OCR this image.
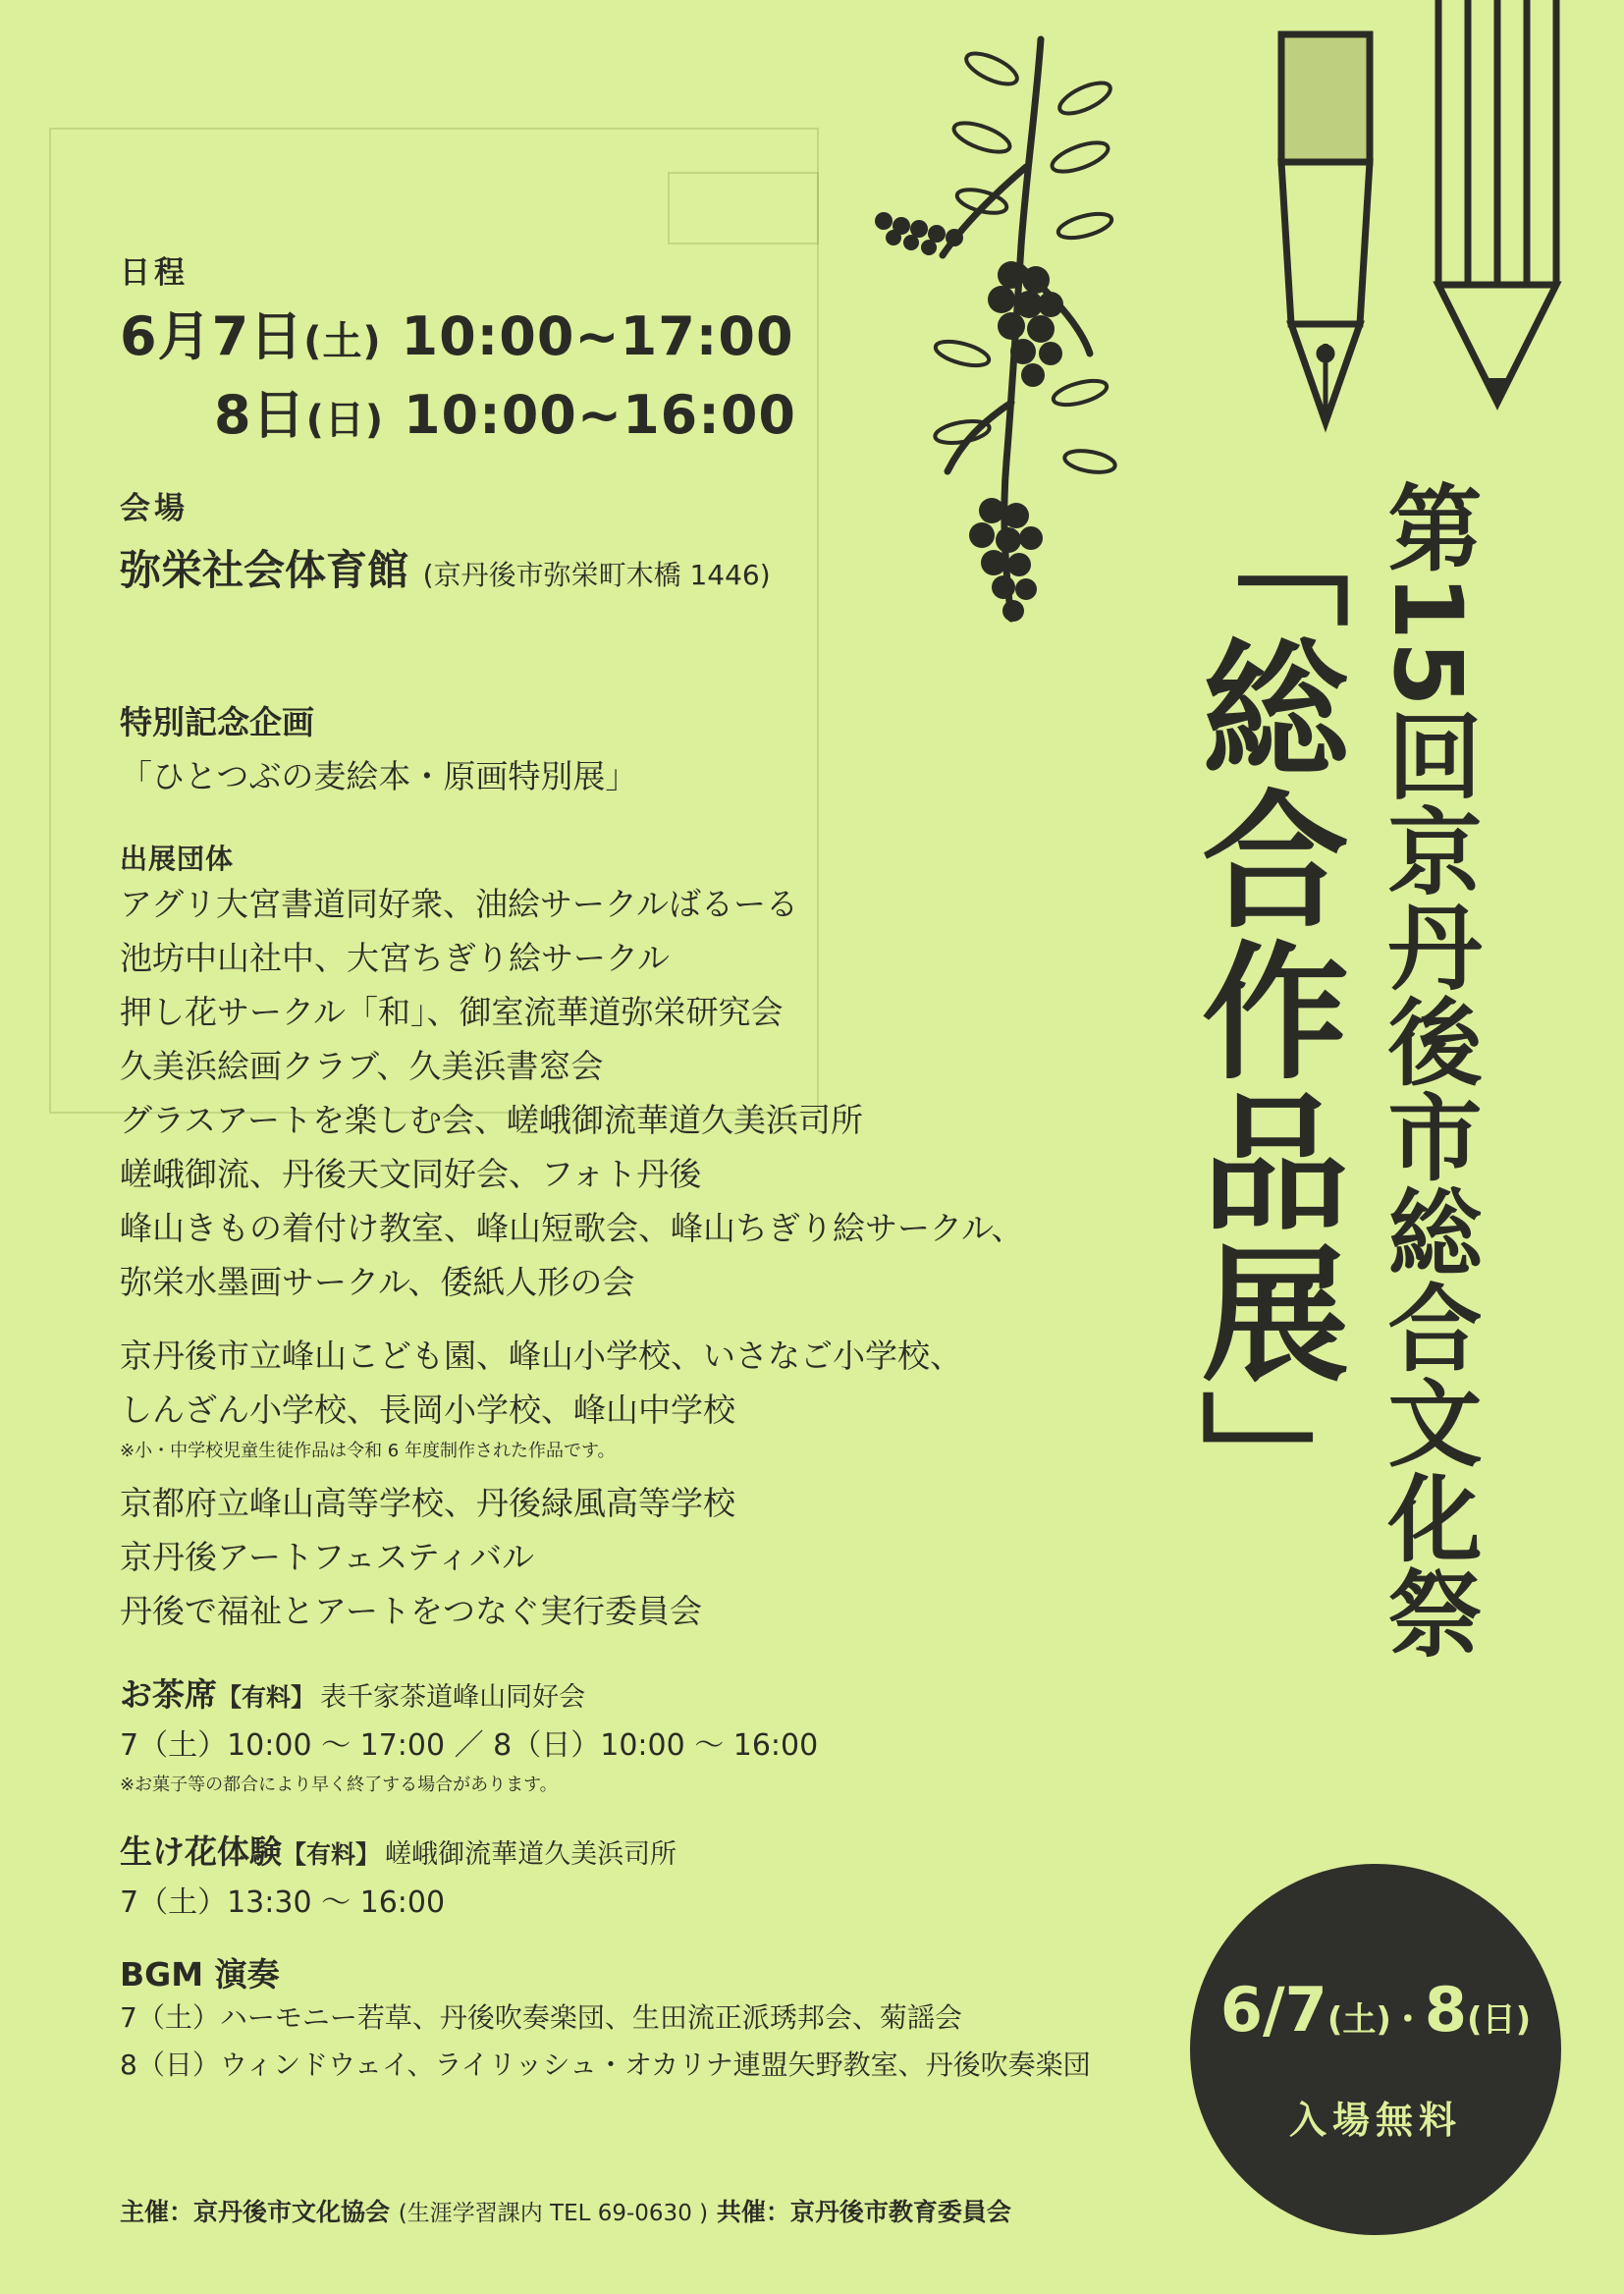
日程
6月7日(土) 10:00~17:00
8日(日) 10:00~16:00
会場
弥栄社会体育館 (京丹後市弥栄町木橋 1446)
特別記念企画
「ひとつぶの麦絵本・原画特別展」
出展団体
アグリ大宮書道同好衆、油絵サークルばるーる
池坊中山社中、大宮ちぎり絵サークル
押し花サークル「和」、御室流華道弥栄研究会
久美浜絵画クラブ、久美浜書窓会
グラスアートを楽しむ会、嵯峨御流華道久美浜司所
嵯峨御流、丹後天文同好会、フォト丹後
峰山きもの着付け教室、峰山短歌会、峰山ちぎり絵サークル、
弥栄水墨画サークル、倭紙人形の会
京丹後市立峰山こども園、峰山小学校、いさなご小学校、
しんざん小学校、長岡小学校、峰山中学校
※小・中学校児童生徒作品は令和 6 年度制作された作品です。
京都府立峰山高等学校、丹後緑風高等学校
京丹後アートフェスティバル
丹後で福祉とアートをつなぐ実行委員会
お茶席【有料】 表千家茶道峰山同好会
7（土）10:00 ～ 17:00 ／ 8（日）10:00 ～ 16:00
※お菓子等の都合により早く終了する場合があります。
生け花体験【有料】 嵯峨御流華道久美浜司所
7（土）13:30 ～ 16:00
BGM 演奏
7（土）ハーモニー若草、丹後吹奏楽団、生田流正派琇邦会、菊謡会
8（日）ウィンドウェイ、ライリッシュ・オカリナ連盟矢野教室、丹後吹奏楽団
第15回京丹後市総合文化祭
「総合作品展」
6/7(土)・8(日)
入場無料
主催：京丹後市文化協会 (生涯学習課内 TEL 69-0630 ) 共催：京丹後市教育委員会
